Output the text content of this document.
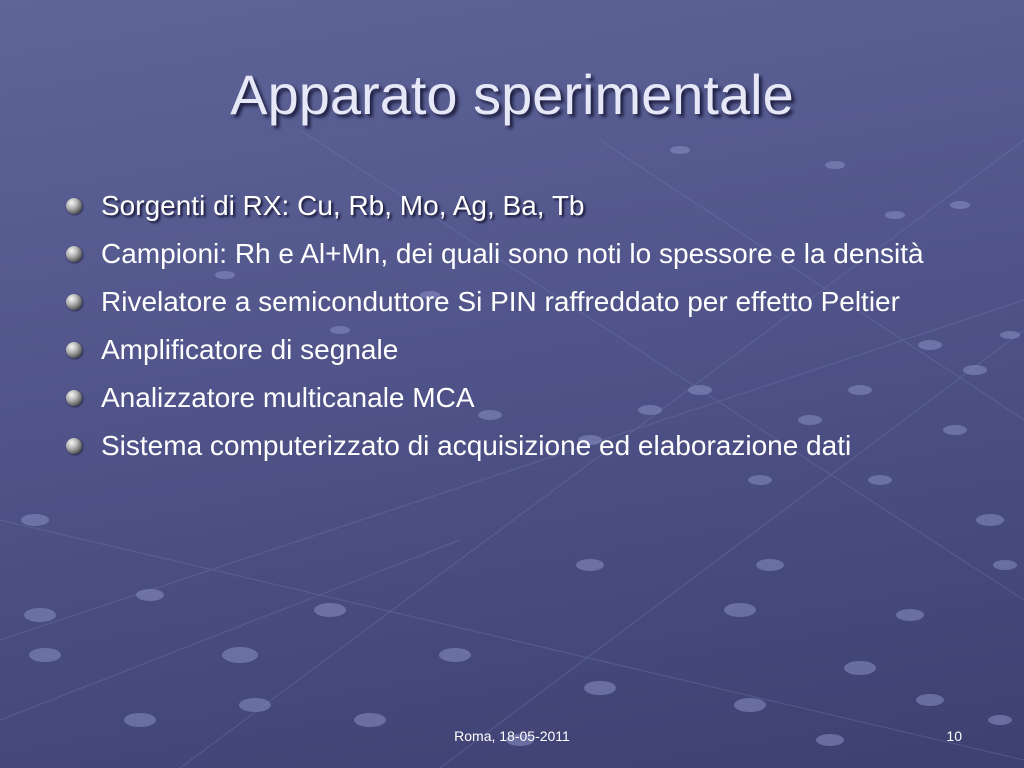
Apparato sperimentale
Sorgenti di RX: Cu, Rb, Mo, Ag, Ba, Tb
Campioni: Rh e Al+Mn, dei quali sono noti lo spessore e la densità
Rivelatore a semiconduttore Si PIN raffreddato per effetto Peltier
Amplificatore di segnale
Analizzatore multicanale MCA
Sistema computerizzato di acquisizione ed elaborazione dati
Roma, 18-05-2011	10
